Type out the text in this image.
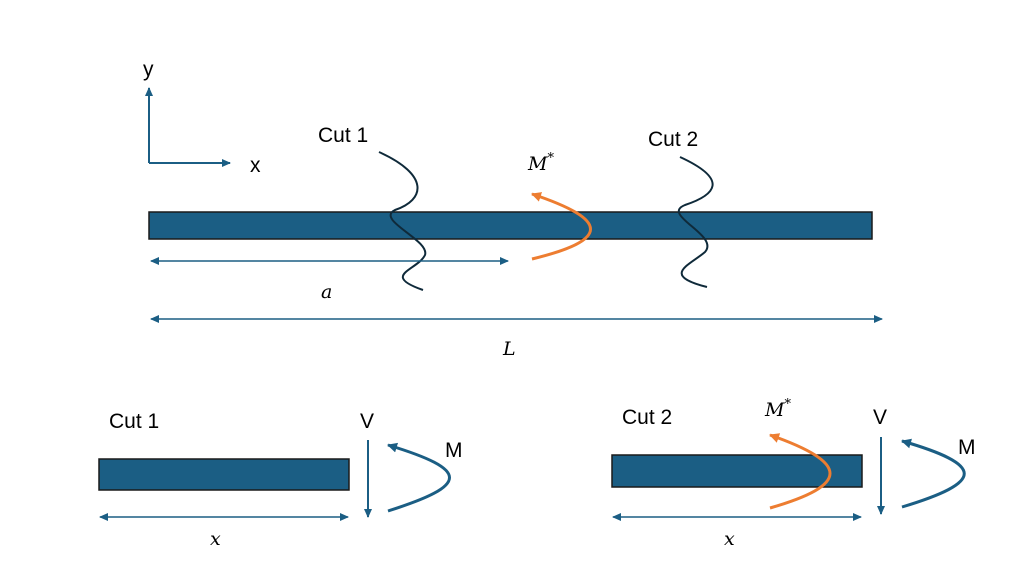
y
x
Cut 1	Cut 2
M*
a
L
Cut 1	V
M
x
Cut 2	M*
V
M
x
